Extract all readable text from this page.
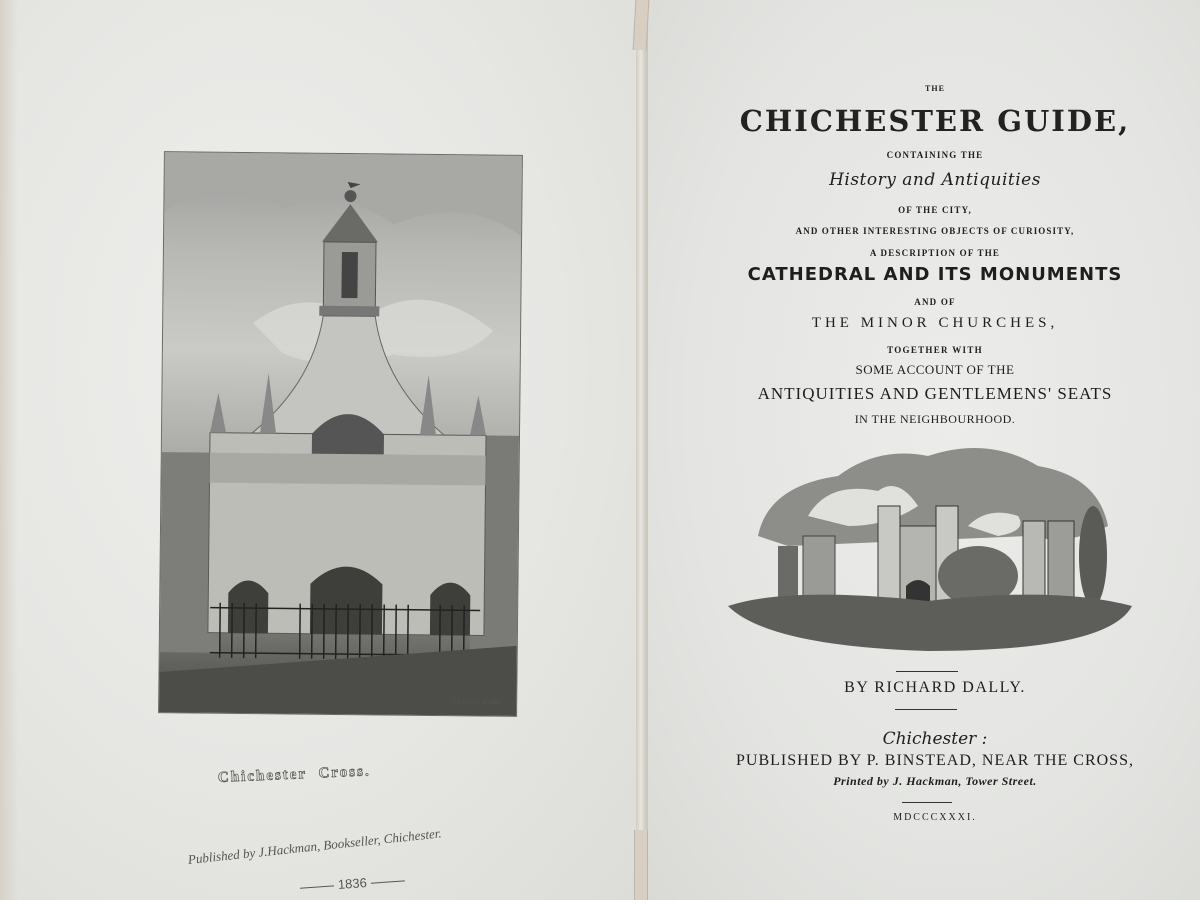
J.Carter. sculpᵗ
Chichester Cross.
Published by J.Hackman, Bookseller, Chichester.
1836
THE
CHICHESTER GUIDE,
CONTAINING THE
History and Antiquities
OF THE CITY,
AND OTHER INTERESTING OBJECTS OF CURIOSITY,
A DESCRIPTION OF THE
CATHEDRAL AND ITS MONUMENTS
AND OF
THE MINOR CHURCHES,
TOGETHER WITH
SOME ACCOUNT OF THE
ANTIQUITIES AND GENTLEMENS' SEATS
IN THE NEIGHBOURHOOD.
BY RICHARD DALLY.
Chichester :
PUBLISHED BY P. BINSTEAD, NEAR THE CROSS,
Printed by J. Hackman, Tower Street.
MDCCCXXXI.
